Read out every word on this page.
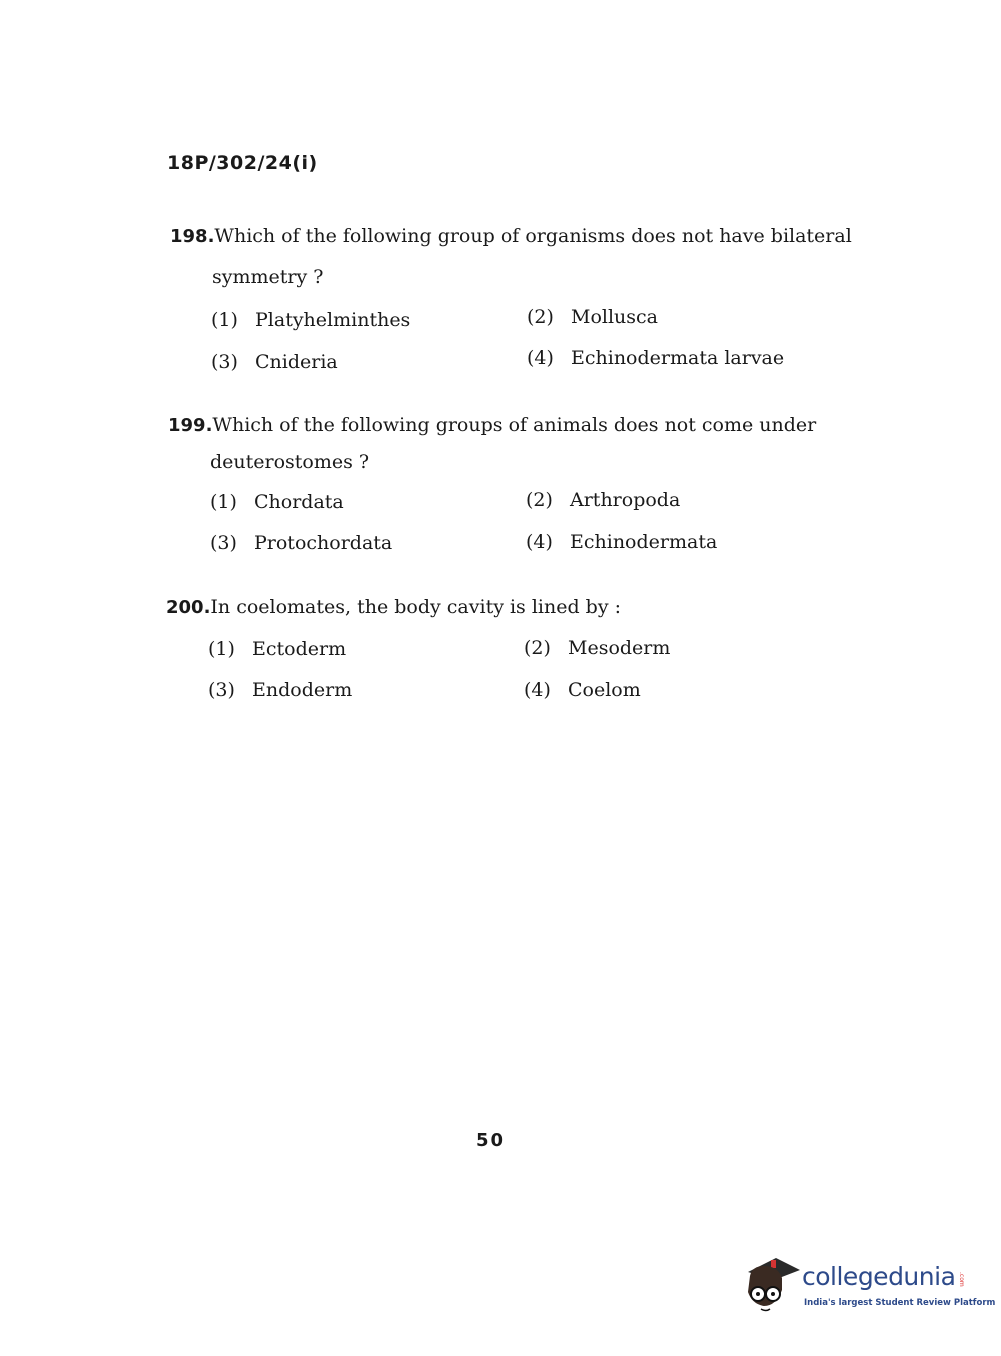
18P/302/24(i)
198.Which of the following group of organisms does not have bilateral
symmetry ?
(1) Platyhelminthes	(2) Mollusca
(3) Cnideria	(4) Echinodermata larvae
199.Which of the following groups of animals does not come under
deuterostomes ?
(1) Chordata	(2) Arthropoda
(3) Protochordata	(4) Echinodermata
200.In coelomates, the body cavity is lined by :
(1) Ectoderm	(2) Mesoderm
(3) Endoderm	(4) Coelom
50
collegedunia .com
India's largest Student Review Platform
